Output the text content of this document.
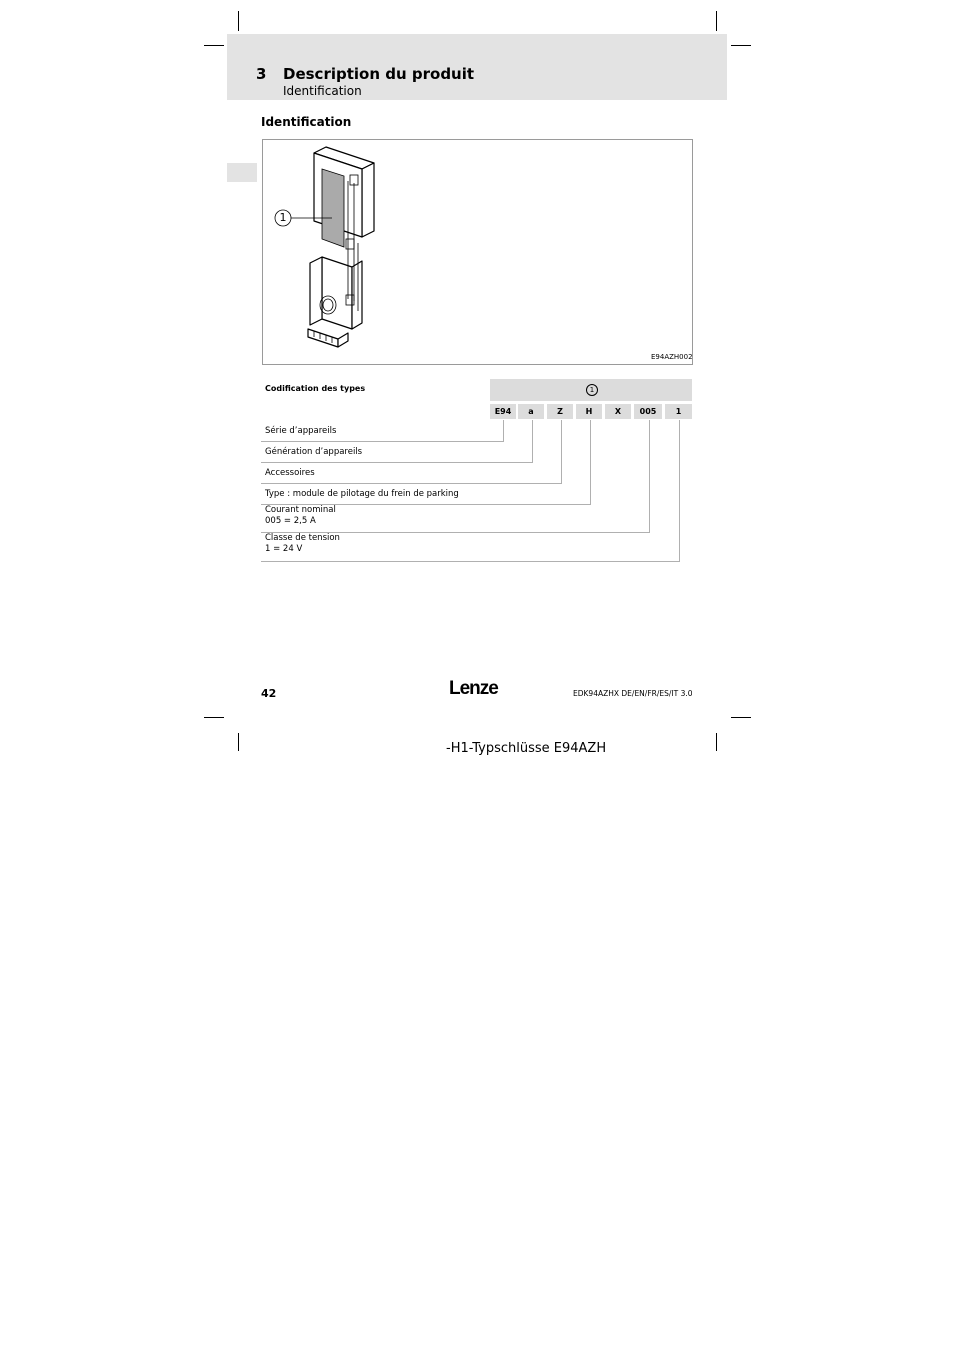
3 Description du produit
Identification
Identification
1
E94AZH002
Codification des types	1
E94	a	Z	H	X	005	1
Série d’appareils
Génération d’appareils
Accessoires
Type : module de pilotage du frein de parking
Courant nominal
005 = 2,5 A
Classe de tension
1 = 24 V
42	Lenze	EDK94AZHX DE/EN/FR/ES/IT 3.0
-H1-Typschlüsse E94AZH
